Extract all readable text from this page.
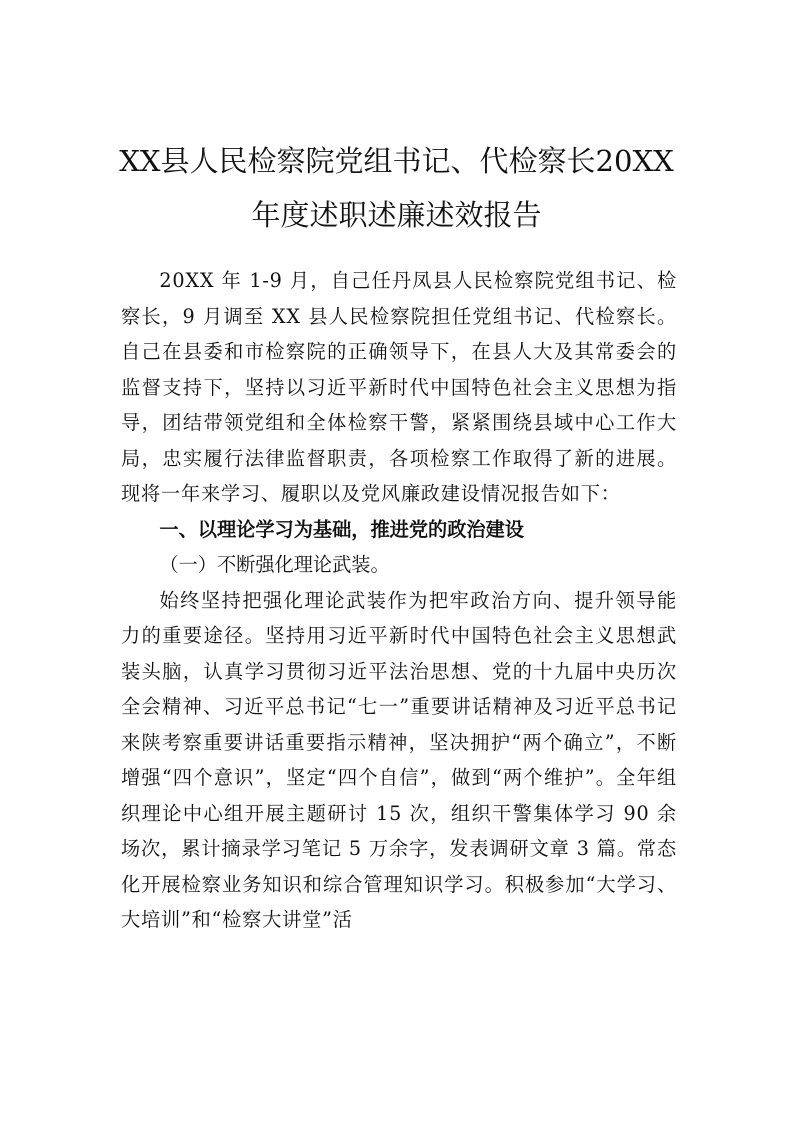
XX县人民检察院党组书记、代检察长20XX
年度述职述廉述效报告

20XX 年 1-9 月，自己任丹凤县人民检察院党组书记、检察长，9 月调至 XX 县人民检察院担任党组书记、代检察长。自己在县委和市检察院的正确领导下，在县人大及其常委会的监督支持下，坚持以习近平新时代中国特色社会主义思想为指导，团结带领党组和全体检察干警，紧紧围绕县域中心工作大局，忠实履行法律监督职责，各项检察工作取得了新的进展。现将一年来学习、履职以及党风廉政建设情况报告如下：

一、以理论学习为基础，推进党的政治建设

（一）不断强化理论武装。

始终坚持把强化理论武装作为把牢政治方向、提升领导能力的重要途径。坚持用习近平新时代中国特色社会主义思想武装头脑，认真学习贯彻习近平法治思想、党的十九届中央历次全会精神、习近平总书记“七一”重要讲话精神及习近平总书记来陕考察重要讲话重要指示精神，坚决拥护“两个确立”，不断增强“四个意识”，坚定“四个自信”，做到“两个维护”。全年组织理论中心组开展主题研讨 15 次，组织干警集体学习 90 余场次，累计摘录学习笔记 5 万余字，发表调研文章 3 篇。常态化开展检察业务知识和综合管理知识学习。积极参加“大学习、大培训”和“检察大讲堂”活
